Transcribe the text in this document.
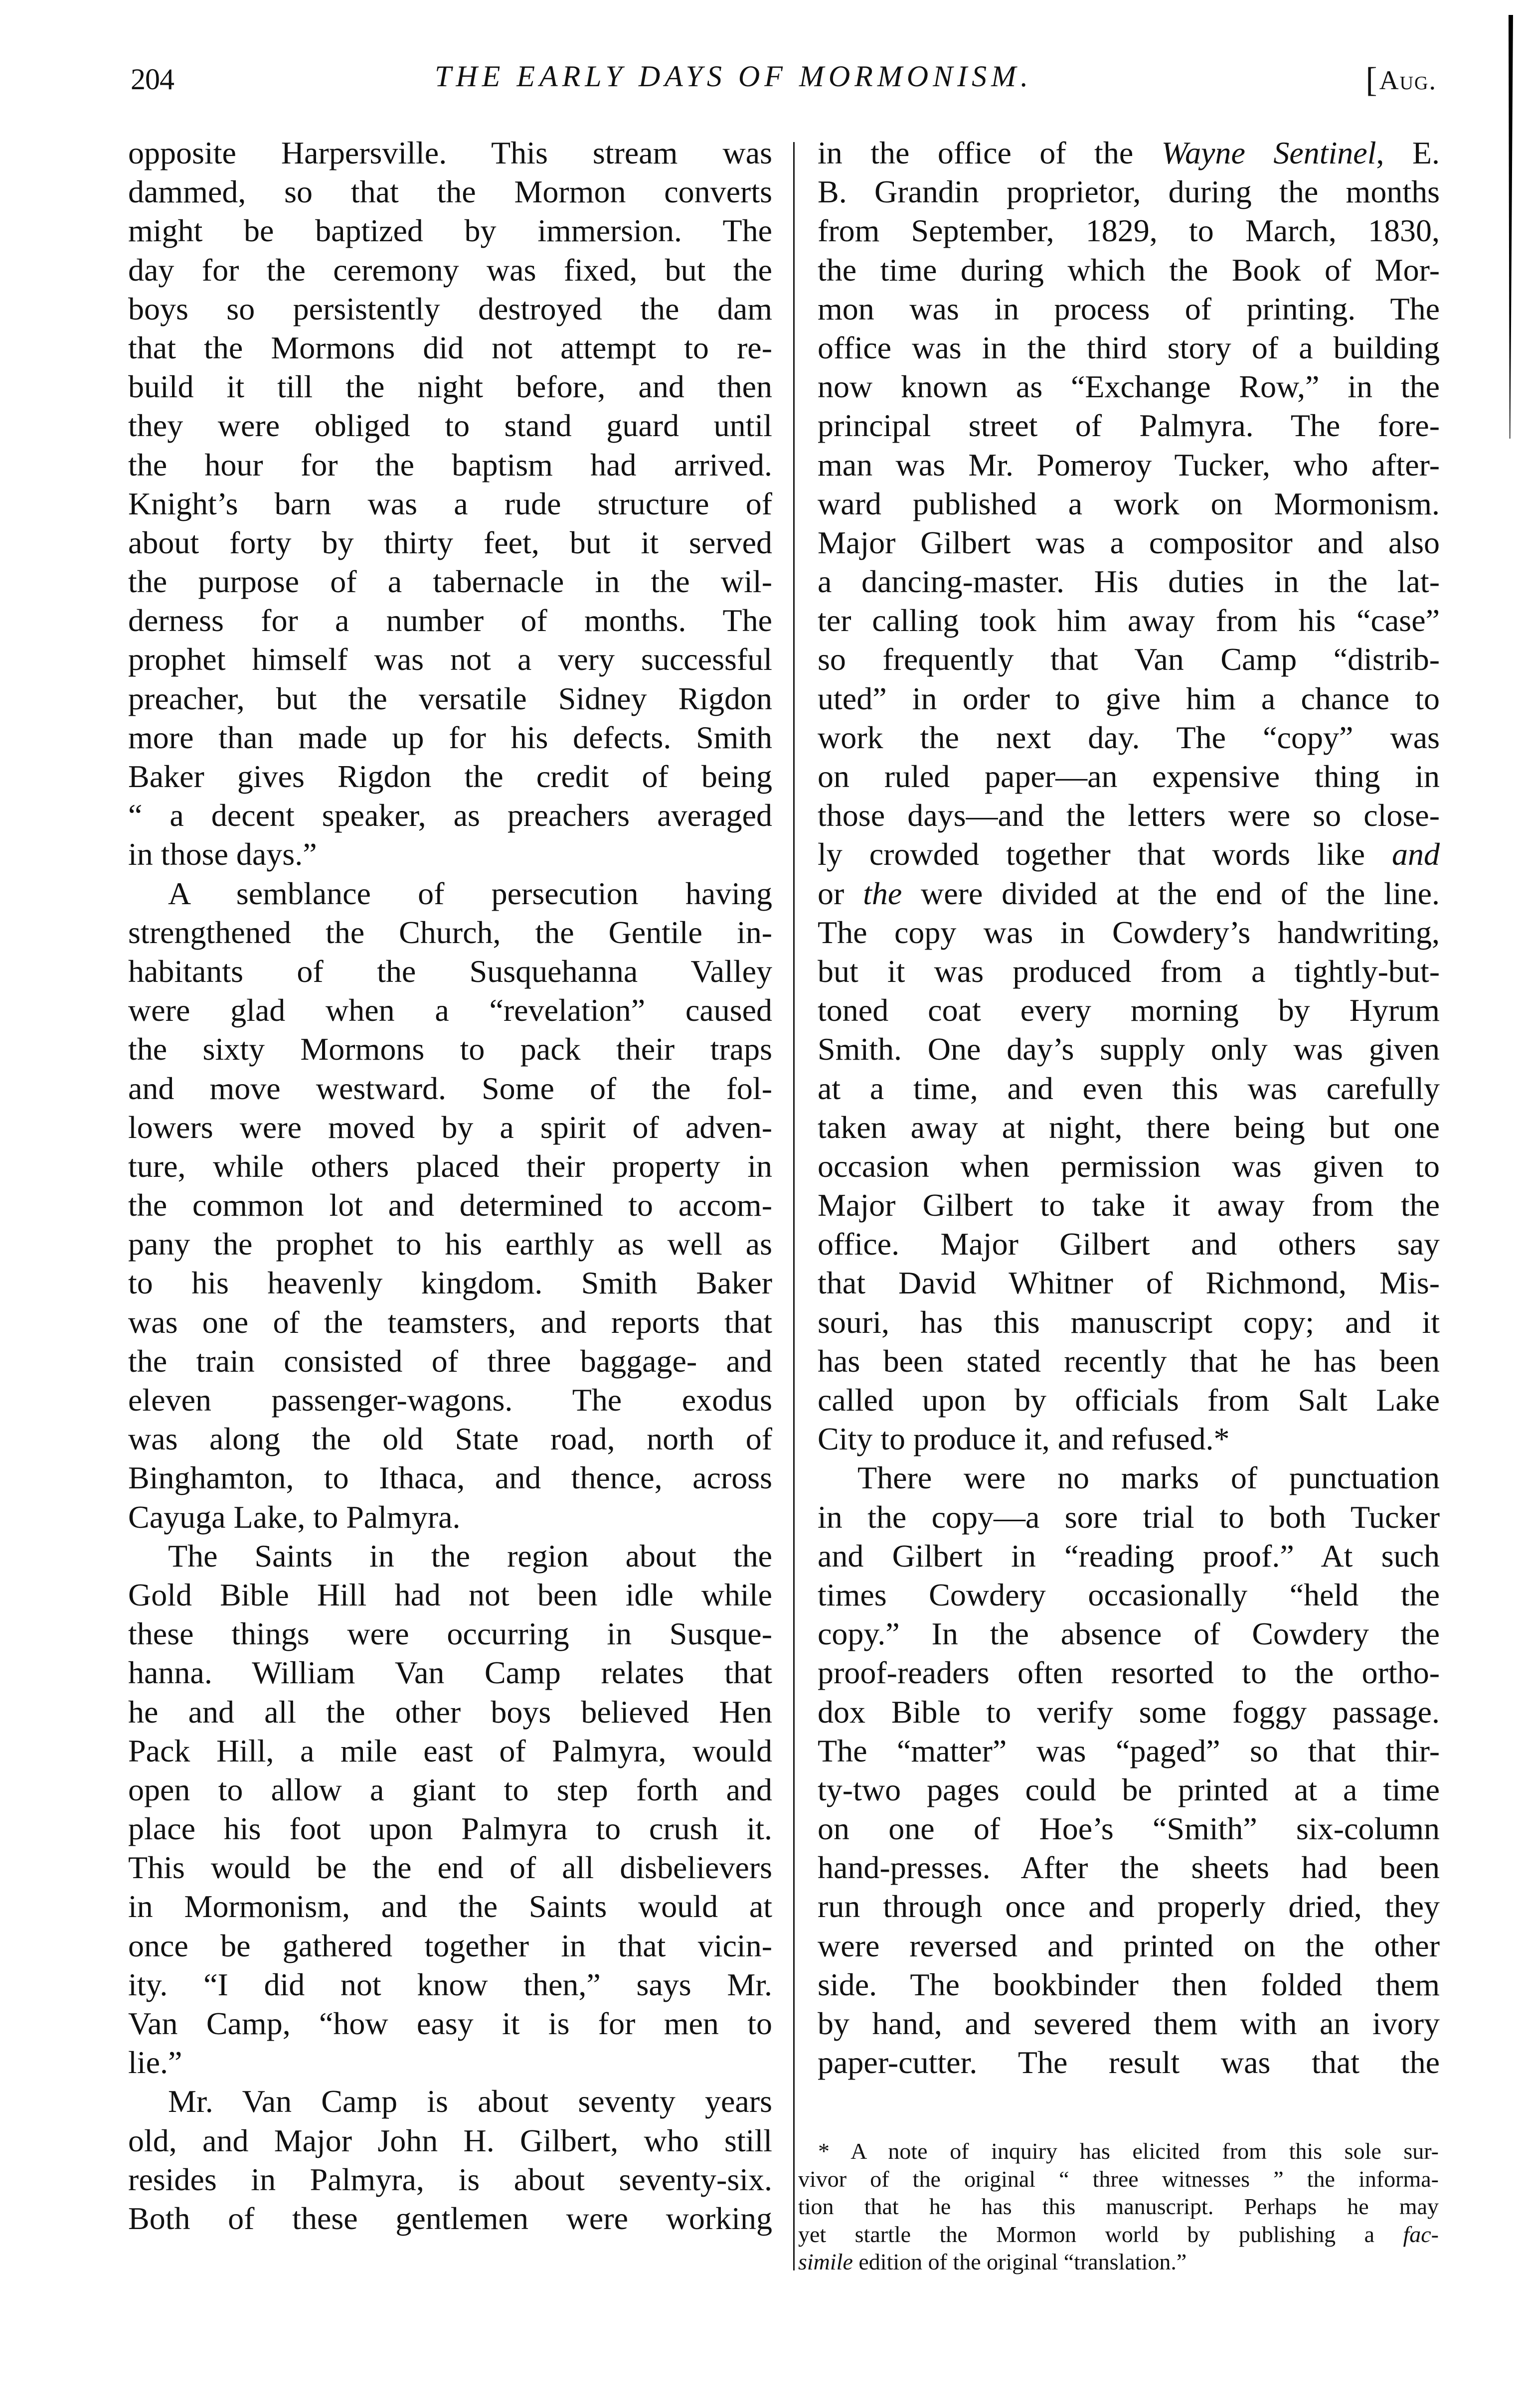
204	THE EARLY DAYS OF MORMONISM.	[Aug.
opposite Harpersville. This stream was
dammed, so that the Mormon converts
might be baptized by immersion. The
day for the ceremony was fixed, but the
boys so persistently destroyed the dam
that the Mormons did not attempt to re-
build it till the night before, and then
they were obliged to stand guard until
the hour for the baptism had arrived.
Knight’s barn was a rude structure of
about forty by thirty feet, but it served
the purpose of a tabernacle in the wil-
derness for a number of months. The
prophet himself was not a very successful
preacher, but the versatile Sidney Rigdon
more than made up for his defects. Smith
Baker gives Rigdon the credit of being
“ a decent speaker, as preachers averaged
in those days.”
A semblance of persecution having
strengthened the Church, the Gentile in-
habitants of the Susquehanna Valley
were glad when a “revelation” caused
the sixty Mormons to pack their traps
and move westward. Some of the fol-
lowers were moved by a spirit of adven-
ture, while others placed their property in
the common lot and determined to accom-
pany the prophet to his earthly as well as
to his heavenly kingdom. Smith Baker
was one of the teamsters, and reports that
the train consisted of three baggage- and
eleven passenger-wagons. The exodus
was along the old State road, north of
Binghamton, to Ithaca, and thence, across
Cayuga Lake, to Palmyra.
The Saints in the region about the
Gold Bible Hill had not been idle while
these things were occurring in Susque-
hanna. William Van Camp relates that
he and all the other boys believed Hen
Pack Hill, a mile east of Palmyra, would
open to allow a giant to step forth and
place his foot upon Palmyra to crush it.
This would be the end of all disbelievers
in Mormonism, and the Saints would at
once be gathered together in that vicin-
ity. “I did not know then,” says Mr.
Van Camp, “how easy it is for men to
lie.”
Mr. Van Camp is about seventy years
old, and Major John H. Gilbert, who still
resides in Palmyra, is about seventy-six.
Both of these gentlemen were working
in the office of the Wayne Sentinel, E.
B. Grandin proprietor, during the months
from September, 1829, to March, 1830,
the time during which the Book of Mor-
mon was in process of printing. The
office was in the third story of a building
now known as “Exchange Row,” in the
principal street of Palmyra. The fore-
man was Mr. Pomeroy Tucker, who after-
ward published a work on Mormonism.
Major Gilbert was a compositor and also
a dancing-master. His duties in the lat-
ter calling took him away from his “case”
so frequently that Van Camp “distrib-
uted” in order to give him a chance to
work the next day. The “copy” was
on ruled paper—an expensive thing in
those days—and the letters were so close-
ly crowded together that words like and
or the were divided at the end of the line.
The copy was in Cowdery’s handwriting,
but it was produced from a tightly-but-
toned coat every morning by Hyrum
Smith. One day’s supply only was given
at a time, and even this was carefully
taken away at night, there being but one
occasion when permission was given to
Major Gilbert to take it away from the
office. Major Gilbert and others say
that David Whitner of Richmond, Mis-
souri, has this manuscript copy; and it
has been stated recently that he has been
called upon by officials from Salt Lake
City to produce it, and refused.*
There were no marks of punctuation
in the copy—a sore trial to both Tucker
and Gilbert in “reading proof.” At such
times Cowdery occasionally “held the
copy.” In the absence of Cowdery the
proof-readers often resorted to the ortho-
dox Bible to verify some foggy passage.
The “matter” was “paged” so that thir-
ty-two pages could be printed at a time
on one of Hoe’s “Smith” six-column
hand-presses. After the sheets had been
run through once and properly dried, they
were reversed and printed on the other
side. The bookbinder then folded them
by hand, and severed them with an ivory
paper-cutter. The result was that the
* A note of inquiry has elicited from this sole sur-
vivor of the original “ three witnesses ” the informa-
tion that he has this manuscript. Perhaps he may
yet startle the Mormon world by publishing a fac-
simile edition of the original “translation.”
